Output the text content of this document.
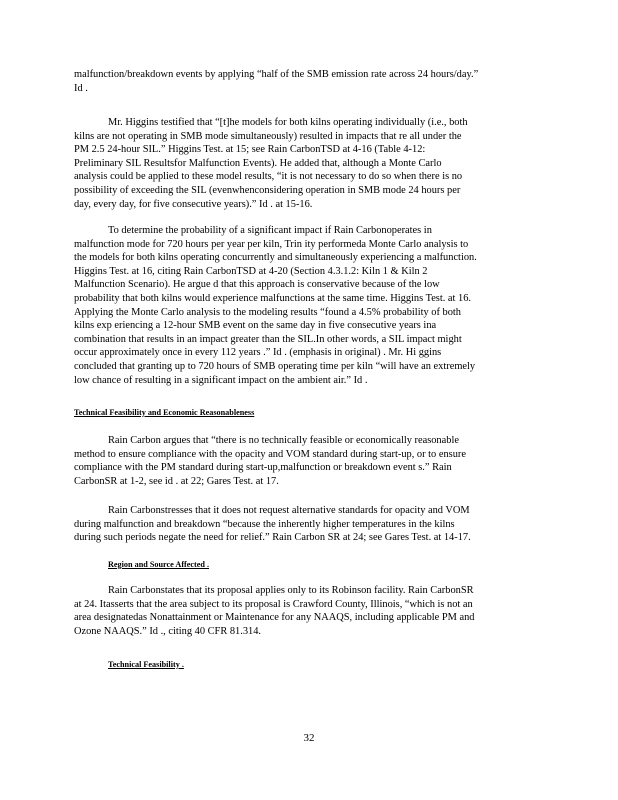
malfunction/breakdown events by applying “half of the SMB emission rate across 24 hours/day.”
Id .
Mr. Higgins testified that “[t]he models for both kilns operating individually (i.e., both
kilns are not operating in SMB mode simultaneously) resulted in impacts that re all under the
PM 2.5 24-hour SIL.” Higgins Test. at 15; see Rain CarbonTSD at 4-16 (Table 4-12:
Preliminary SIL Resultsfor Malfunction Events). He added that, although a Monte Carlo
analysis could be applied to these model results, “it is not necessary to do so when there is no
possibility of exceeding the SIL (evenwhenconsidering operation in SMB mode 24 hours per
day, every day, for five consecutive years).” Id . at 15-16.
To determine the probability of a significant impact if Rain Carbonoperates in
malfunction mode for 720 hours per year per kiln, Trin ity performeda Monte Carlo analysis to
the models for both kilns operating concurrently and simultaneously experiencing a malfunction.
Higgins Test. at 16, citing Rain CarbonTSD at 4-20 (Section 4.3.1.2: Kiln 1 & Kiln 2
Malfunction Scenario). He argue d that this approach is conservative because of the low
probability that both kilns would experience malfunctions at the same time. Higgins Test. at 16.
Applying the Monte Carlo analysis to the modeling results “found a 4.5% probability of both
kilns exp eriencing a 12-hour SMB event on the same day in five consecutive years ina
combination that results in an impact greater than the SIL.In other words, a SIL impact might
occur approximately once in every 112 years .” Id . (emphasis in original) . Mr. Hi ggins
concluded that granting up to 720 hours of SMB operating time per kiln “will have an extremely
low chance of resulting in a significant impact on the ambient air.” Id .

Technical Feasibility and Economic Reasonableness

Rain Carbon argues that “there is no technically feasible or economically reasonable
method to ensure compliance with the opacity and VOM standard during start-up, or to ensure
compliance with the PM standard during start-up,malfunction or breakdown event s.” Rain
CarbonSR at 1-2, see id . at 22; Gares Test. at 17.
Rain Carbonstresses that it does not request alternative standards for opacity and VOM
during malfunction and breakdown “because the inherently higher temperatures in the kilns
during such periods negate the need for relief.” Rain Carbon SR at 24; see Gares Test. at 14-17.

Region and Source Affected .

Rain Carbonstates that its proposal applies only to its Robinson facility. Rain CarbonSR
at 24. Itasserts that the area subject to its proposal is Crawford County, Illinois, “which is not an
area designatedas Nonattainment or Maintenance for any NAAQS, including applicable PM and
Ozone NAAQS.” Id ., citing 40 CFR 81.314.

Technical Feasibility .

32
